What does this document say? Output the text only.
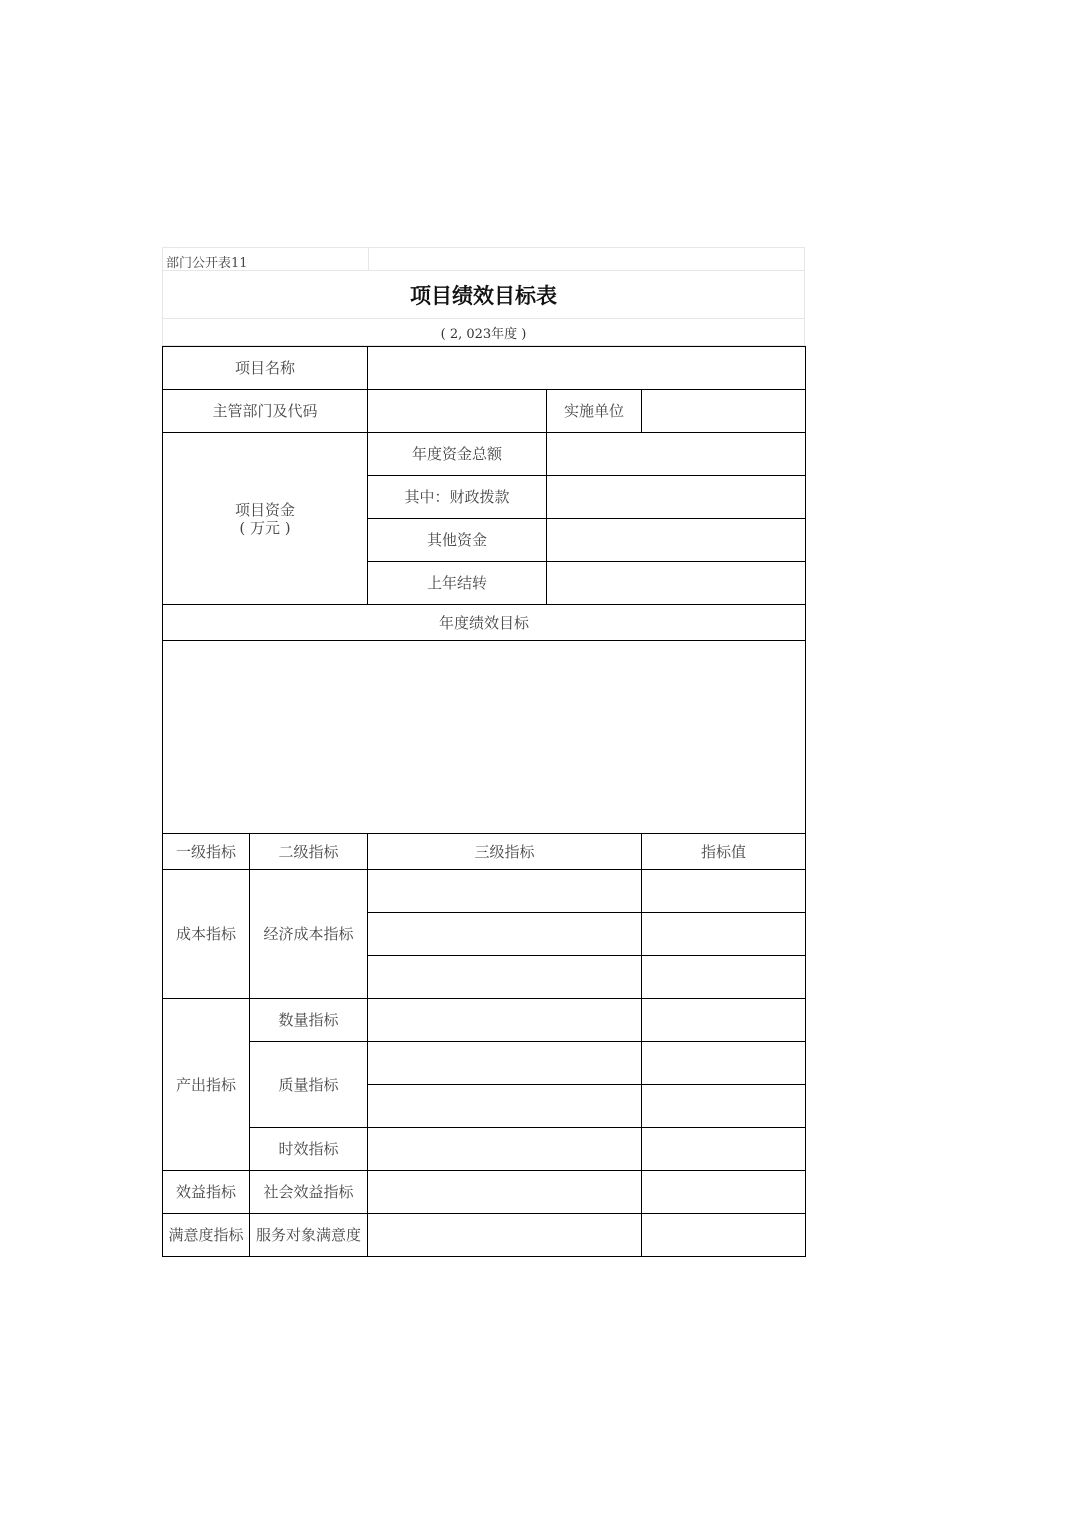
部门公开表11
项目绩效目标表
( 2, 023年度 )
项目名称				
主管部门及代码			实施单位	

项目资金
( 万元 )		年度资金总额		
		其中：财政拨款		
		其他资金		
		上年结转		
年度绩效目标				

一级指标	二级指标	三级指标		指标值
成本指标	经济成本指标			

产出指标	数量指标			
	质量指标			

	时效指标			
效益指标	社会效益指标			
满意度指标	服务对象满意度			
